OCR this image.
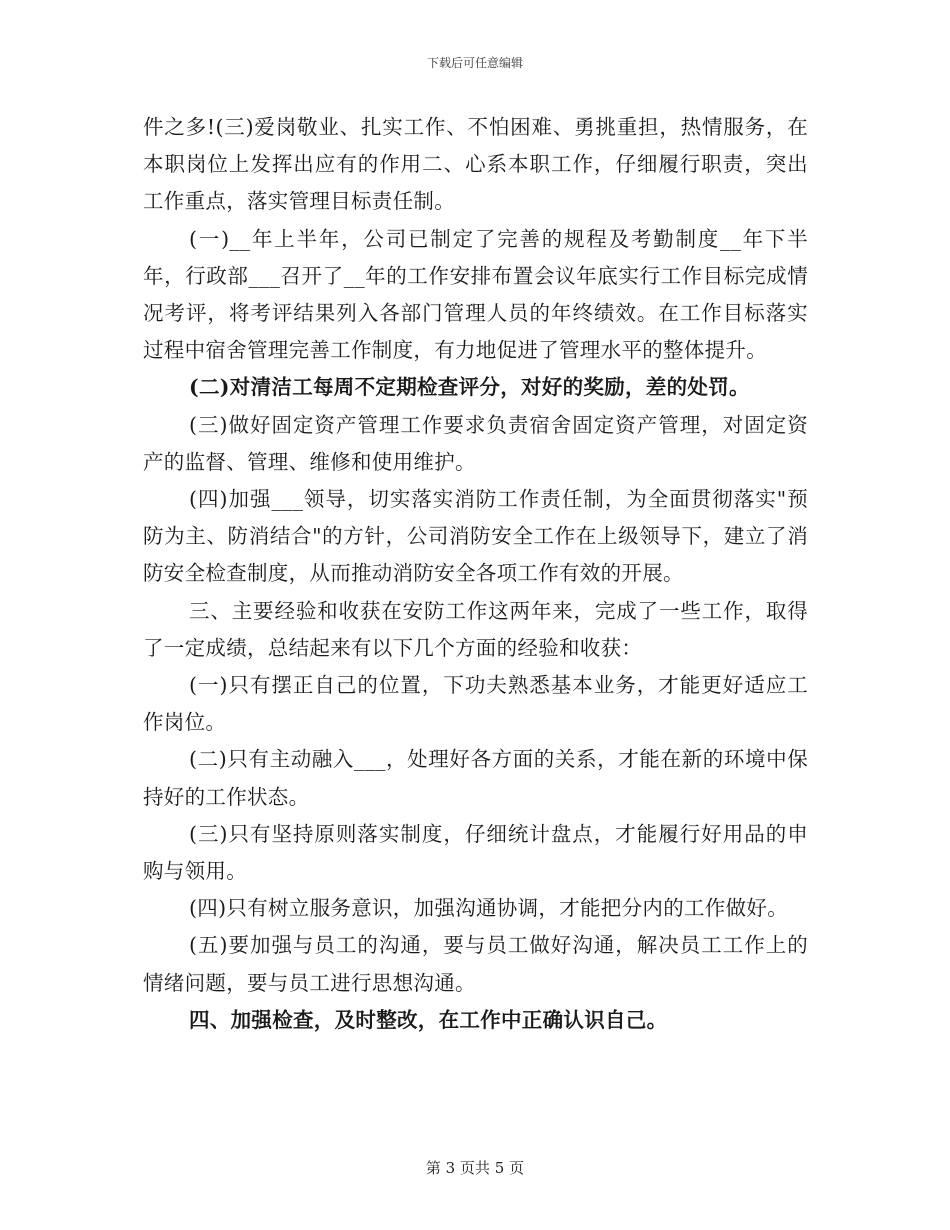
下载后可任意编辑

件之多!(三)爱岗敬业、扎实工作、不怕困难、勇挑重担，热情服务，在本职岗位上发挥出应有的作用二、心系本职工作，仔细履行职责，突出工作重点，落实管理目标责任制。

(一)__年上半年，公司已制定了完善的规程及考勤制度__年下半年，行政部___召开了__年的工作安排布置会议年底实行工作目标完成情况考评，将考评结果列入各部门管理人员的年终绩效。在工作目标落实过程中宿舍管理完善工作制度，有力地促进了管理水平的整体提升。

(二)对清洁工每周不定期检查评分，对好的奖励，差的处罚。

(三)做好固定资产管理工作要求负责宿舍固定资产管理，对固定资产的监督、管理、维修和使用维护。

(四)加强___领导，切实落实消防工作责任制，为全面贯彻落实"预防为主、防消结合"的方针，公司消防安全工作在上级领导下，建立了消防安全检查制度，从而推动消防安全各项工作有效的开展。

三、主要经验和收获在安防工作这两年来，完成了一些工作，取得了一定成绩，总结起来有以下几个方面的经验和收获：

(一)只有摆正自己的位置，下功夫熟悉基本业务，才能更好适应工作岗位。

(二)只有主动融入___，处理好各方面的关系，才能在新的环境中保持好的工作状态。

(三)只有坚持原则落实制度，仔细统计盘点，才能履行好用品的申购与领用。

(四)只有树立服务意识，加强沟通协调，才能把分内的工作做好。

(五)要加强与员工的沟通，要与员工做好沟通，解决员工工作上的情绪问题，要与员工进行思想沟通。

四、加强检查，及时整改，在工作中正确认识自己。

第 3 页共 5 页
